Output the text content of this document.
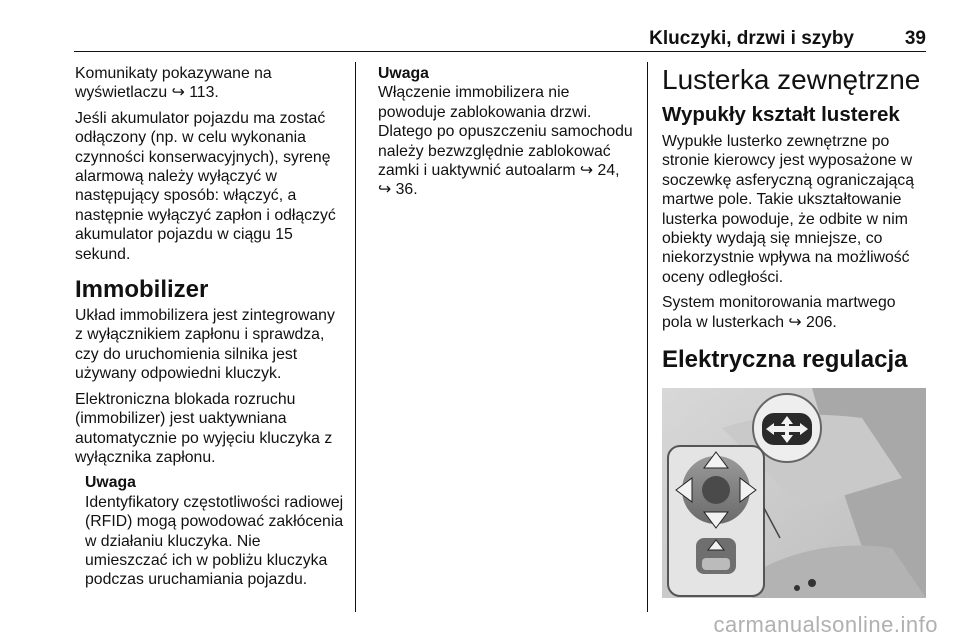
Kluczyki, drzwi i szyby	39

Komunikaty pokazywane na wyświetlaczu ↪ 113.

Jeśli akumulator pojazdu ma zostać odłączony (np. w celu wykonania czynności konserwacyjnych), syrenę alarmową należy wyłączyć w następujący sposób: włączyć, a następnie wyłączyć zapłon i odłączyć akumulator pojazdu w ciągu 15 sekund.

Immobilizer

Układ immobilizera jest zintegrowany z wyłącznikiem zapłonu i sprawdza, czy do uruchomienia silnika jest używany odpowiedni kluczyk.

Elektroniczna blokada rozruchu (immobilizer) jest uaktywniana automatycznie po wyjęciu kluczyka z wyłącznika zapłonu.

Uwaga
Identyfikatory częstotliwości radiowej (RFID) mogą powodować zakłócenia w działaniu kluczyka. Nie umieszczać ich w pobliżu kluczyka podczas uruchamiania pojazdu.
Uwaga
Włączenie immobilizera nie powoduje zablokowania drzwi. Dlatego po opuszczeniu samochodu należy bezwzględnie zablokować zamki i uaktywnić autoalarm ↪ 24, ↪ 36.
Lusterka zewnętrzne
Wypukły kształt lusterek

Wypukłe lusterko zewnętrzne po stronie kierowcy jest wyposażone w soczewkę asferyczną ograniczającą martwe pole. Takie ukształtowanie lusterka powoduje, że odbite w nim obiekty wydają się mniejsze, co niekorzystnie wpływa na możliwość oceny odległości.

System monitorowania martwego pola w lusterkach ↪ 206.

Elektryczna regulacja
carmanualsonline.info
